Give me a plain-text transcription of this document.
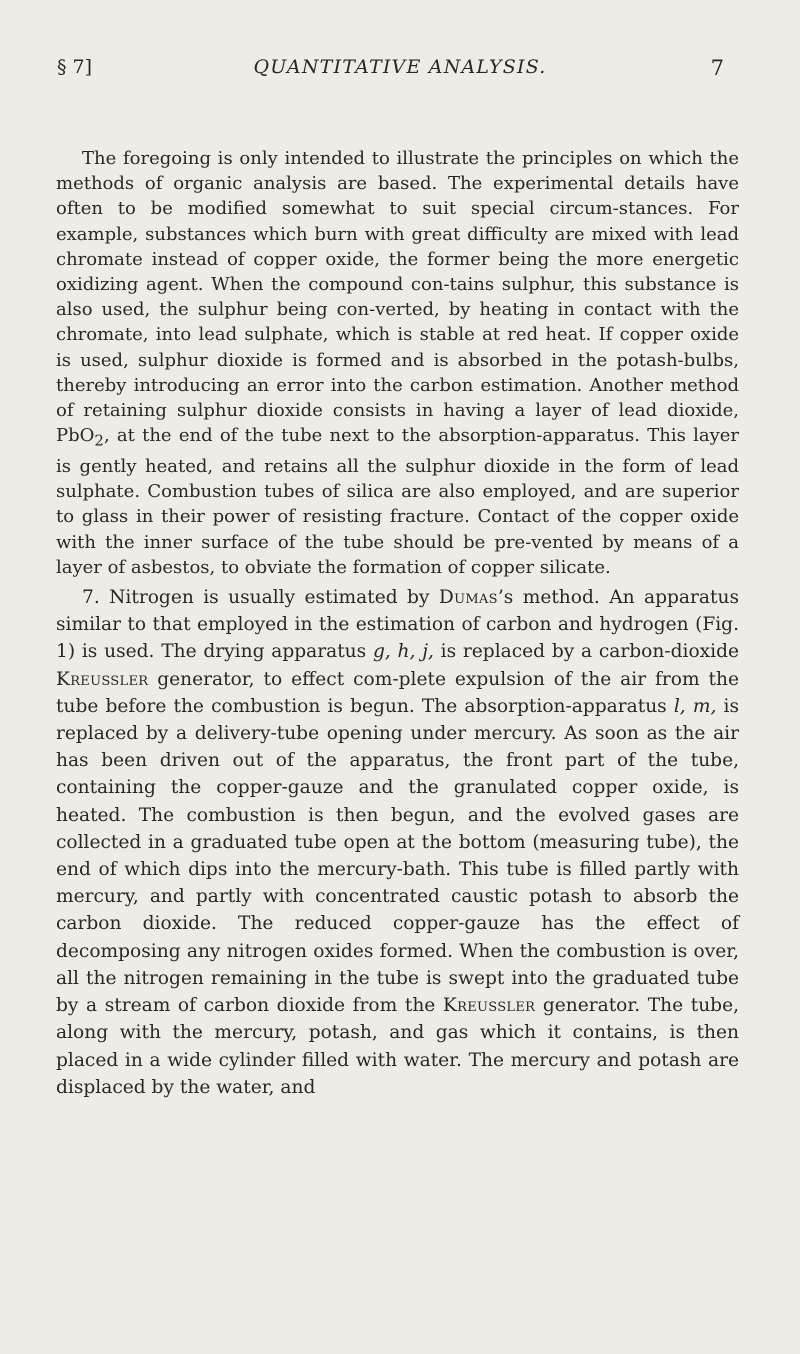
§ 7]	QUANTITATIVE ANALYSIS.	7

The foregoing is only intended to illustrate the principles on which the methods of organic analysis are based. The experimental details have often to be modified somewhat to suit special circum-stances. For example, substances which burn with great difficulty are mixed with lead chromate instead of copper oxide, the former being the more energetic oxidizing agent. When the compound con-tains sulphur, this substance is also used, the sulphur being con-verted, by heating in contact with the chromate, into lead sulphate, which is stable at red heat. If copper oxide is used, sulphur dioxide is formed and is absorbed in the potash-bulbs, thereby introducing an error into the carbon estimation. Another method of retaining sulphur dioxide consists in having a layer of lead dioxide, PbO$_2$, at the end of the tube next to the absorption-apparatus. This layer is gently heated, and retains all the sulphur dioxide in the form of lead sulphate. Combustion tubes of silica are also employed, and are superior to glass in their power of resisting fracture. Contact of the copper oxide with the inner surface of the tube should be pre-vented by means of a layer of asbestos, to obviate the formation of copper silicate.

7. Nitrogen is usually estimated by Dumas’s method. An apparatus similar to that employed in the estimation of carbon and hydrogen (Fig. 1) is used. The drying apparatus g, h, j, is replaced by a carbon-dioxide Kreussler generator, to effect com-plete expulsion of the air from the tube before the combustion is begun. The absorption-apparatus l, m, is replaced by a delivery-tube opening under mercury. As soon as the air has been driven out of the apparatus, the front part of the tube, containing the copper-gauze and the granulated copper oxide, is heated. The combustion is then begun, and the evolved gases are collected in a graduated tube open at the bottom (measuring tube), the end of which dips into the mercury-bath. This tube is filled partly with mercury, and partly with concentrated caustic potash to absorb the carbon dioxide. The reduced copper-gauze has the effect of decomposing any nitrogen oxides formed. When the combustion is over, all the nitrogen remaining in the tube is swept into the graduated tube by a stream of carbon dioxide from the Kreussler generator. The tube, along with the mercury, potash, and gas which it contains, is then placed in a wide cylinder filled with water. The mercury and potash are displaced by the water, and
